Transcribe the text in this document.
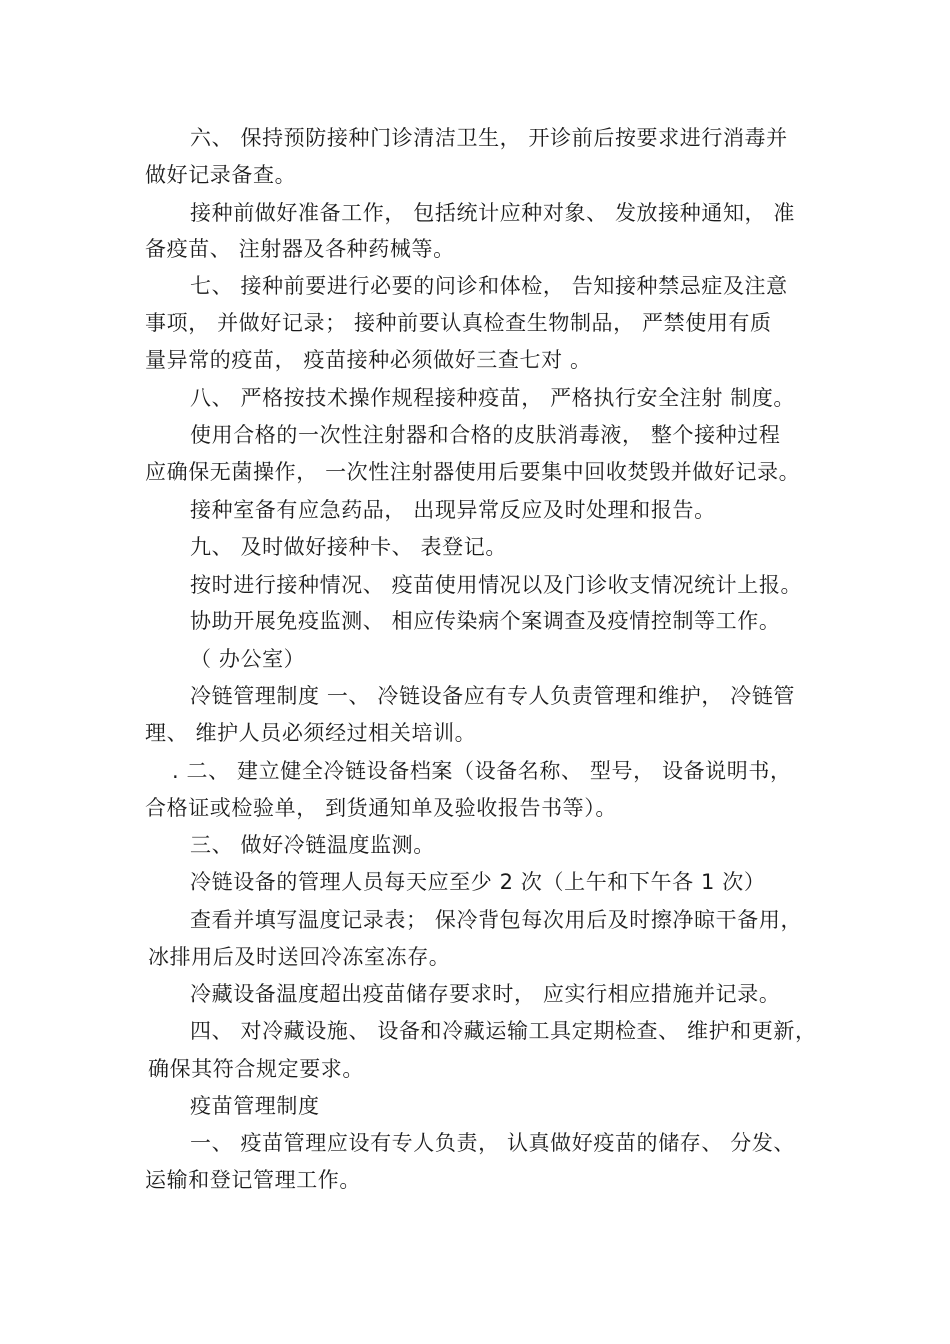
六、 保持预防接种门诊清洁卫生， 开诊前后按要求进行消毒并
做好记录备查。
接种前做好准备工作， 包括统计应种对象、 发放接种通知， 准
备疫苗、 注射器及各种药械等。
七、 接种前要进行必要的问诊和体检， 告知接种禁忌症及注意
事项， 并做好记录； 接种前要认真检查生物制品， 严禁使用有质
量异常的疫苗， 疫苗接种必须做好三查七对 。
八、 严格按技术操作规程接种疫苗， 严格执行安全注射 制度。
使用合格的一次性注射器和合格的皮肤消毒液， 整个接种过程
应确保无菌操作， 一次性注射器使用后要集中回收焚毁并做好记录。
接种室备有应急药品， 出现异常反应及时处理和报告。
九、 及时做好接种卡、 表登记。
按时进行接种情况、 疫苗使用情况以及门诊收支情况统计上报。
协助开展免疫监测、 相应传染病个案调查及疫情控制等工作。
（ 办公室）
冷链管理制度 一、 冷链设备应有专人负责管理和维护， 冷链管
理、 维护人员必须经过相关培训。
. 二、 建立健全冷链设备档案（设备名称、 型号， 设备说明书，
合格证或检验单， 到货通知单及验收报告书等）。
三、 做好冷链温度监测。
冷链设备的管理人员每天应至少 2 次（上午和下午各 1 次）
查看并填写温度记录表； 保冷背包每次用后及时擦净晾干备用，
冰排用后及时送回冷冻室冻存。
冷藏设备温度超出疫苗储存要求时， 应实行相应措施并记录。
四、 对冷藏设施、 设备和冷藏运输工具定期检查、 维护和更新，
确保其符合规定要求。
疫苗管理制度
一、 疫苗管理应设有专人负责， 认真做好疫苗的储存、 分发、
运输和登记管理工作。
